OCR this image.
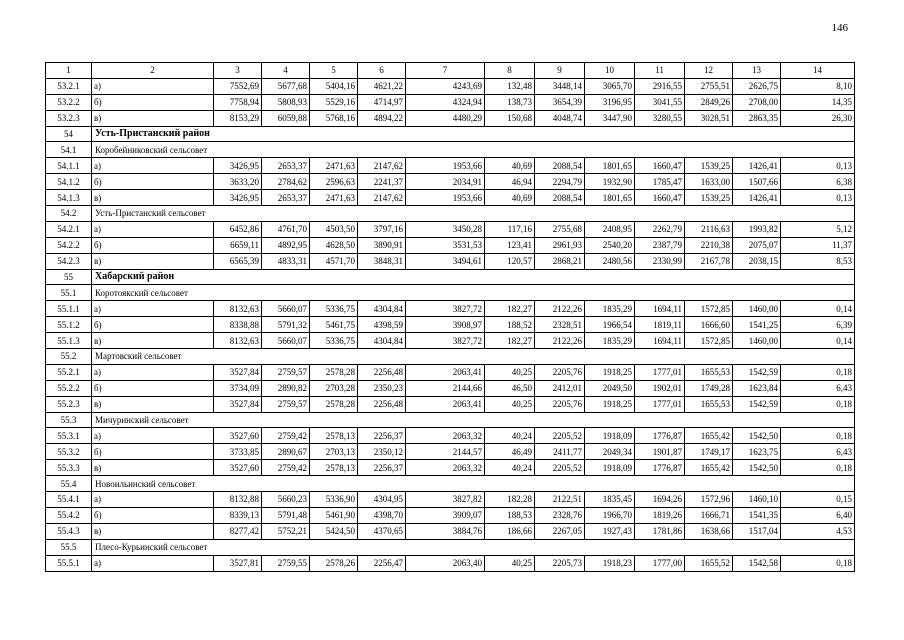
146
1	2	3	4	5	6	7	8	9	10	11	12	13	14
53.2.1	а)	7552,69	5677,68	5404,16	4621,22	4243,69	132,48	3448,14	3065,70	2916,55	2755,51	2626,75	8,10
53.2.2	б)	7758,94	5808,93	5529,16	4714,97	4324,94	138,73	3654,39	3196,95	3041,55	2849,26	2708,00	14,35
53.2.3	в)	8153,29	6059,88	5768,16	4894,22	4480,29	150,68	4048,74	3447,90	3280,55	3028,51	2863,35	26,30
54	Усть-Пристанский район												
54.1	Коробейниковский сельсовет												
54.1.1	а)	3426,95	2653,37	2471,63	2147,62	1953,66	40,69	2088,54	1801,65	1660,47	1539,25	1426,41	0,13
54.1.2	б)	3633,20	2784,62	2596,63	2241,37	2034,91	46,94	2294,79	1932,90	1785,47	1633,00	1507,66	6,38
54.1.3	в)	3426,95	2653,37	2471,63	2147,62	1953,66	40,69	2088,54	1801,65	1660,47	1539,25	1426,41	0,13
54.2	Усть-Пристанский сельсовет												
54.2.1	а)	6452,86	4761,70	4503,50	3797,16	3450,28	117,16	2755,68	2408,95	2262,79	2116,63	1993,82	5,12
54.2.2	б)	6659,11	4892,95	4628,50	3890,91	3531,53	123,41	2961,93	2540,20	2387,79	2210,38	2075,07	11,37
54.2.3	в)	6565,39	4833,31	4571,70	3848,31	3494,61	120,57	2868,21	2480,56	2330,99	2167,78	2038,15	8,53
55	Хабарский район												
55.1	Коротоякский сельсовет												
55.1.1	а)	8132,63	5660,07	5336,75	4304,84	3827,72	182,27	2122,26	1835,29	1694,11	1572,85	1460,00	0,14
55.1.2	б)	8338,88	5791,32	5461,75	4398,59	3908,97	188,52	2328,51	1966,54	1819,11	1666,60	1541,25	6,39
55.1.3	в)	8132,63	5660,07	5336,75	4304,84	3827,72	182,27	2122,26	1835,29	1694,11	1572,85	1460,00	0,14
55.2	Мартовский сельсовет												
55.2.1	а)	3527,84	2759,57	2578,28	2256,48	2063,41	40,25	2205,76	1918,25	1777,01	1655,53	1542,59	0,18
55.2.2	б)	3734,09	2890,82	2703,28	2350,23	2144,66	46,50	2412,01	2049,50	1902,01	1749,28	1623,84	6,43
55.2.3	в)	3527,84	2759,57	2578,28	2256,48	2063,41	40,25	2205,76	1918,25	1777,01	1655,53	1542,59	0,18
55.3	Мичуринский сельсовет												
55.3.1	а)	3527,60	2759,42	2578,13	2256,37	2063,32	40,24	2205,52	1918,09	1776,87	1655,42	1542,50	0,18
55.3.2	б)	3733,85	2890,67	2703,13	2350,12	2144,57	46,49	2411,77	2049,34	1901,87	1749,17	1623,75	6,43
55.3.3	в)	3527,60	2759,42	2578,13	2256,37	2063,32	40,24	2205,52	1918,09	1776,87	1655,42	1542,50	0,18
55.4	Новоильинский сельсовет												
55.4.1	а)	8132,88	5660,23	5336,90	4304,95	3827,82	182,28	2122,51	1835,45	1694,26	1572,96	1460,10	0,15
55.4.2	б)	8339,13	5791,48	5461,90	4398,70	3909,07	188,53	2328,76	1966,70	1819,26	1666,71	1541,35	6,40
55.4.3	в)	8277,42	5752,21	5424,50	4370,65	3884,76	186,66	2267,05	1927,43	1781,86	1638,66	1517,04	4,53
55.5	Плесо-Курьинский сельсовет												
55.5.1	а)	3527,81	2759,55	2578,26	2256,47	2063,40	40,25	2205,73	1918,23	1777,00	1655,52	1542,58	0,18
